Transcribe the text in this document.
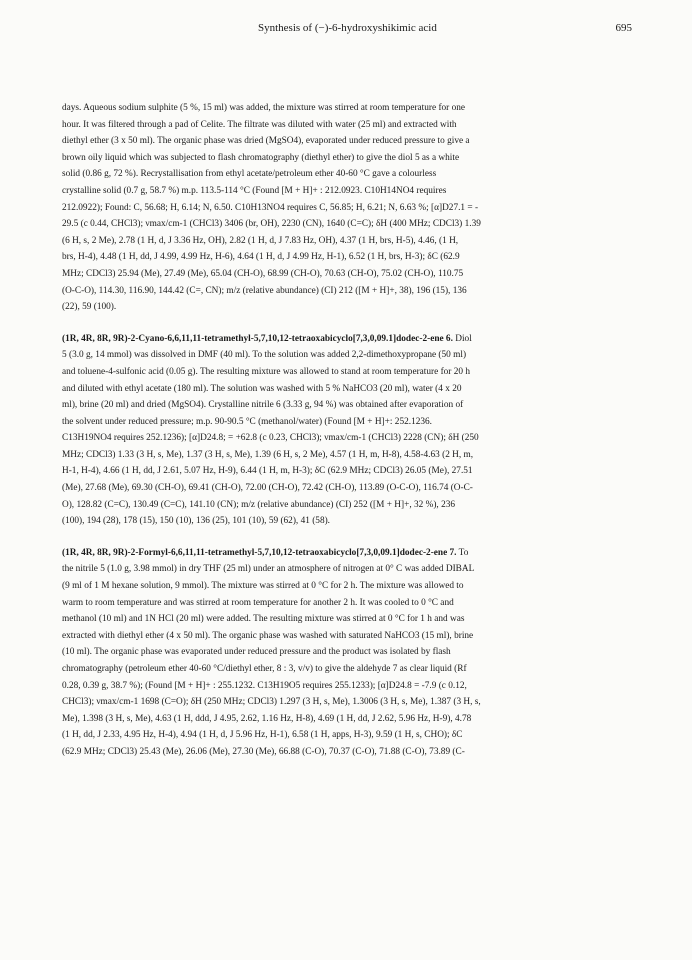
Synthesis of (−)-6-hydroxyshikimic acid	695
days. Aqueous sodium sulphite (5 %, 15 ml) was added, the mixture was stirred at room temperature for one
hour. It was filtered through a pad of Celite. The filtrate was diluted with water (25 ml) and extracted with
diethyl ether (3 x 50 ml). The organic phase was dried (MgSO4), evaporated under reduced pressure to give a
brown oily liquid which was subjected to flash chromatography (diethyl ether) to give the diol 5 as a white
solid (0.86 g, 72 %). Recrystallisation from ethyl acetate/petroleum ether 40-60 °C gave a colourless
crystalline solid (0.7 g, 58.7 %) m.p. 113.5-114 °C (Found [M + H]+ : 212.0923. C10H14NO4 requires
212.0922); Found: C, 56.68; H, 6.14; N, 6.50. C10H13NO4 requires C, 56.85; H, 6.21; N, 6.63 %; [α]D27.1 = -
29.5 (c 0.44, CHCl3); νmax/cm-1 (CHCl3) 3406 (br, OH), 2230 (CN), 1640 (C=C); δH (400 MHz; CDCl3) 1.39
(6 H, s, 2 Me), 2.78 (1 H, d, J 3.36 Hz, OH), 2.82 (1 H, d, J 7.83 Hz, OH), 4.37 (1 H, brs, H-5), 4.46, (1 H,
brs, H-4), 4.48 (1 H, dd, J 4.99, 4.99 Hz, H-6), 4.64 (1 H, d, J 4.99 Hz, H-1), 6.52 (1 H, brs, H-3); δC (62.9
MHz; CDCl3) 25.94 (Me), 27.49 (Me), 65.04 (CH-O), 68.99 (CH-O), 70.63 (CH-O), 75.02 (CH-O), 110.75
(O-C-O), 114.30, 116.90, 144.42 (C=, CN); m/z (relative abundance) (CI) 212 ([M + H]+, 38), 196 (15), 136
(22), 59 (100).
(1R, 4R, 8R, 9R)-2-Cyano-6,6,11,11-tetramethyl-5,7,10,12-tetraoxabicyclo[7,3,0,09.1]dodec-2-ene 6. Diol
5 (3.0 g, 14 mmol) was dissolved in DMF (40 ml). To the solution was added 2,2-dimethoxypropane (50 ml)
and toluene-4-sulfonic acid (0.05 g). The resulting mixture was allowed to stand at room temperature for 20 h
and diluted with ethyl acetate (180 ml). The solution was washed with 5 % NaHCO3 (20 ml), water (4 x 20
ml), brine (20 ml) and dried (MgSO4). Crystalline nitrile 6 (3.33 g, 94 %) was obtained after evaporation of
the solvent under reduced pressure; m.p. 90-90.5 °C (methanol/water) (Found [M + H]+: 252.1236.
C13H19NO4 requires 252.1236); [α]D24.8; = +62.8 (c 0.23, CHCl3); νmax/cm-1 (CHCl3) 2228 (CN); δH (250
MHz; CDCl3) 1.33 (3 H, s, Me), 1.37 (3 H, s, Me), 1.39 (6 H, s, 2 Me), 4.57 (1 H, m, H-8), 4.58-4.63 (2 H, m,
H-1, H-4), 4.66 (1 H, dd, J 2.61, 5.07 Hz, H-9), 6.44 (1 H, m, H-3); δC (62.9 MHz; CDCl3) 26.05 (Me), 27.51
(Me), 27.68 (Me), 69.30 (CH-O), 69.41 (CH-O), 72.00 (CH-O), 72.42 (CH-O), 113.89 (O-C-O), 116.74 (O-C-
O), 128.82 (C=C), 130.49 (C=C), 141.10 (CN); m/z (relative abundance) (CI) 252 ([M + H]+, 32 %), 236
(100), 194 (28), 178 (15), 150 (10), 136 (25), 101 (10), 59 (62), 41 (58).
(1R, 4R, 8R, 9R)-2-Formyl-6,6,11,11-tetramethyl-5,7,10,12-tetraoxabicyclo[7,3,0,09.1]dodec-2-ene 7. To
the nitrile 5 (1.0 g, 3.98 mmol) in dry THF (25 ml) under an atmosphere of nitrogen at 0° C was added DIBAL
(9 ml of 1 M hexane solution, 9 mmol). The mixture was stirred at 0 °C for 2 h. The mixture was allowed to
warm to room temperature and was stirred at room temperature for another 2 h. It was cooled to 0 °C and
methanol (10 ml) and 1N HCl (20 ml) were added. The resulting mixture was stirred at 0 °C for 1 h and was
extracted with diethyl ether (4 x 50 ml). The organic phase was washed with saturated NaHCO3 (15 ml), brine
(10 ml). The organic phase was evaporated under reduced pressure and the product was isolated by flash
chromatography (petroleum ether 40-60 °C/diethyl ether, 8 : 3, v/v) to give the aldehyde 7 as clear liquid (Rf
0.28, 0.39 g, 38.7 %); (Found [M + H]+ : 255.1232. C13H19O5 requires 255.1233); [α]D24.8 = -7.9 (c 0.12,
CHCl3); νmax/cm-1 1698 (C=O); δH (250 MHz; CDCl3) 1.297 (3 H, s, Me), 1.3006 (3 H, s, Me), 1.387 (3 H, s,
Me), 1.398 (3 H, s, Me), 4.63 (1 H, ddd, J 4.95, 2.62, 1.16 Hz, H-8), 4.69 (1 H, dd, J 2.62, 5.96 Hz, H-9), 4.78
(1 H, dd, J 2.33, 4.95 Hz, H-4), 4.94 (1 H, d, J 5.96 Hz, H-1), 6.58 (1 H, apps, H-3), 9.59 (1 H, s, CHO); δC
(62.9 MHz; CDCl3) 25.43 (Me), 26.06 (Me), 27.30 (Me), 66.88 (C-O), 70.37 (C-O), 71.88 (C-O), 73.89 (C-
